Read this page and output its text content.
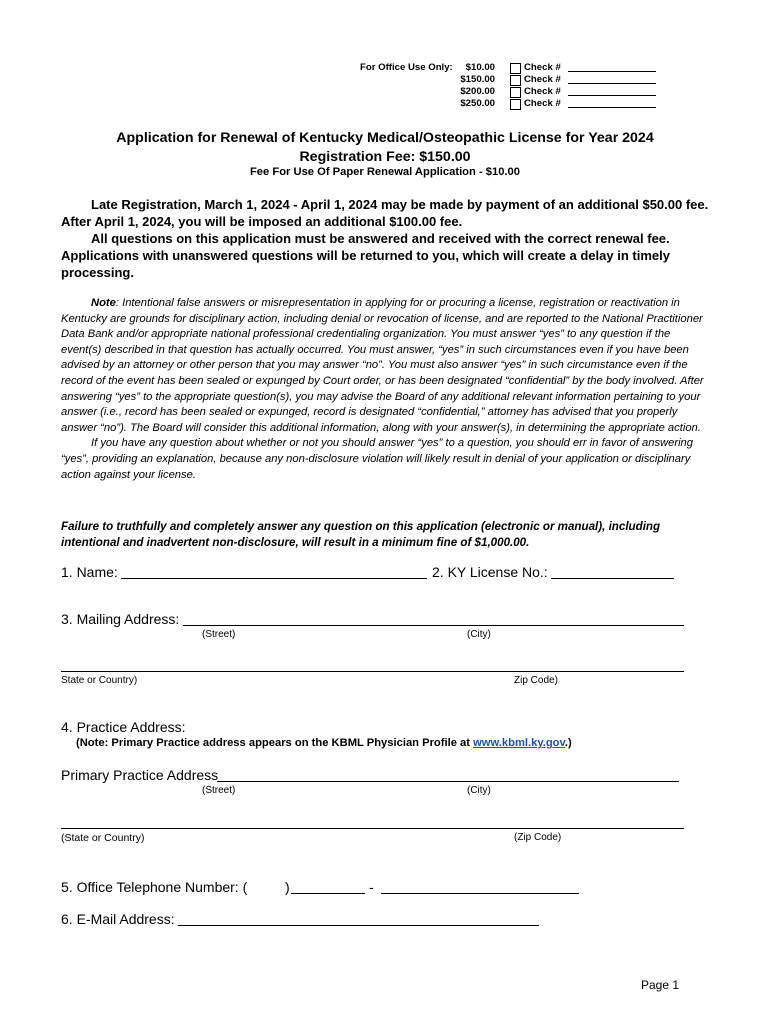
For Office Use Only:	$10.00	Check #
$150.00	Check #
$200.00	Check #
$250.00	Check #
Application for Renewal of Kentucky Medical/Osteopathic License for Year 2024
Registration Fee: $150.00
Fee For Use Of Paper Renewal Application - $10.00

Late Registration, March 1, 2024 - April 1, 2024 may be made by payment of an additional $50.00 fee. After April 1, 2024, you will be imposed an additional $100.00 fee.

All questions on this application must be answered and received with the correct renewal fee. Applications with unanswered questions will be returned to you, which will create a delay in timely processing.

Note: Intentional false answers or misrepresentation in applying for or procuring a license, registration or reactivation in Kentucky are grounds for disciplinary action, including denial or revocation of license, and are reported to the National Practitioner Data Bank and/or appropriate national professional credentialing organization. You must answer “yes” to any question if the event(s) described in that question has actually occurred. You must answer, “yes” in such circumstances even if you have been advised by an attorney or other person that you may answer “no”. You must also answer “yes” in such circumstance even if the record of the event has been sealed or expunged by Court order, or has been designated “confidential” by the body involved. After answering “yes” to the appropriate question(s), you may advise the Board of any additional relevant information pertaining to your answer (i.e., record has been sealed or expunged, record is designated “confidential,” attorney has advised that you properly answer “no”). The Board will consider this additional information, along with your answer(s), in determining the appropriate action.

If you have any question about whether or not you should answer “yes” to a question, you should err in favor of answering “yes”, providing an explanation, because any non-disclosure violation will likely result in denial of your application or disciplinary action against your license.

Failure to truthfully and completely answer any question on this application (electronic or manual), including intentional and inadvertent non-disclosure, will result in a minimum fine of $1,000.00.
1. Name:	2. KY License No.:
3. Mailing Address:
(Street)	(City)
State or Country)	Zip Code)
4. Practice Address:
(Note: Primary Practice address appears on the KBML Physician Profile at www.kbml.ky.gov.)
Primary Practice Address
(Street)	(City)
(State or Country)	(Zip Code)
5. Office Telephone Number: (	)	-
6. E-Mail Address:
Page 1
